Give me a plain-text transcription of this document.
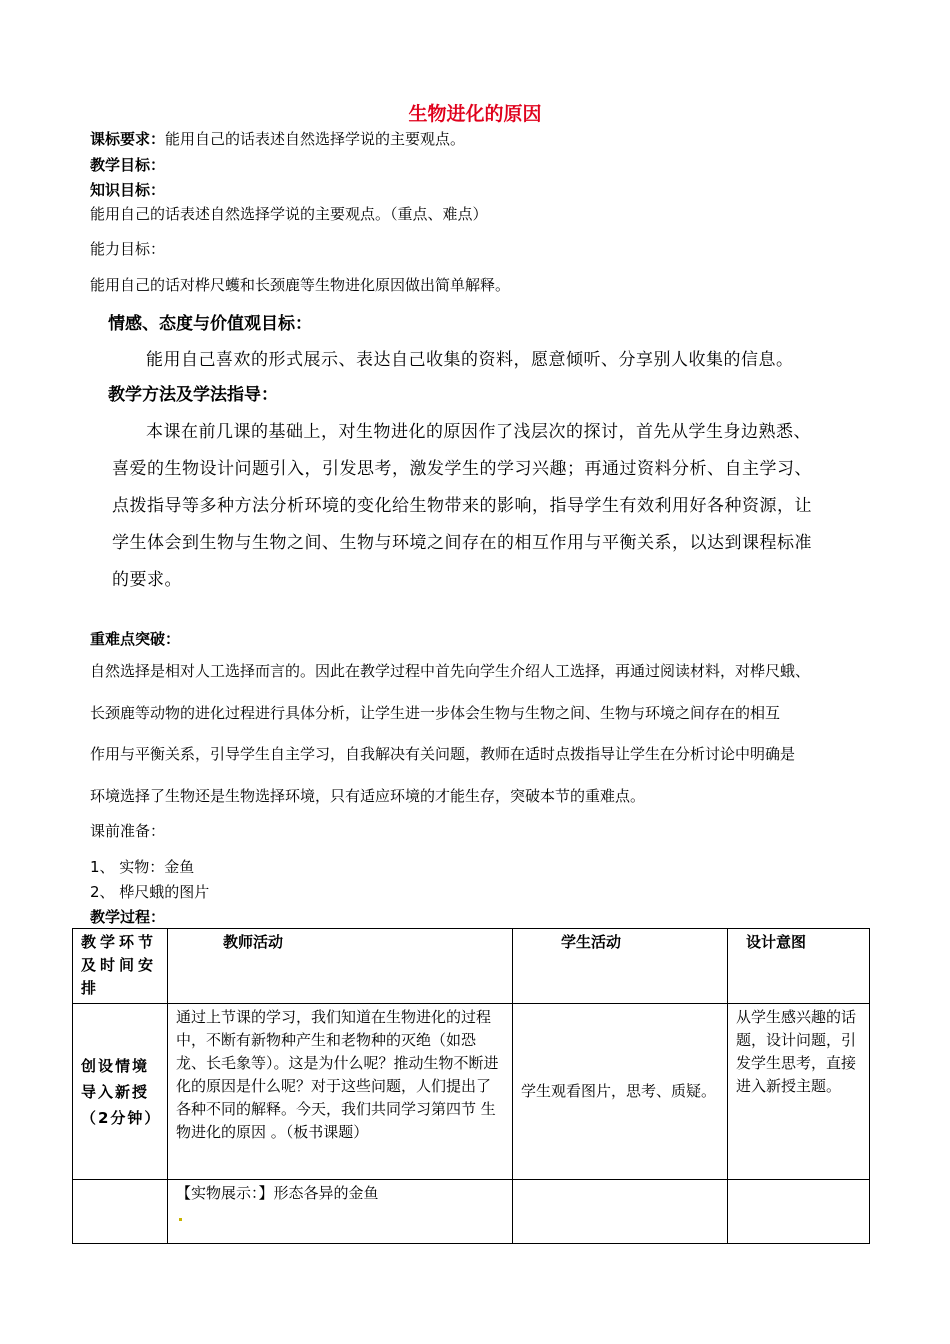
生物进化的原因
课标要求：能用自己的话表述自然选择学说的主要观点。
教学目标：
知识目标：
能用自己的话表述自然选择学说的主要观点。（重点、难点）
能力目标：
能用自己的话对桦尺蠖和长颈鹿等生物进化原因做出简单解释。
情感、态度与价值观目标：
能用自己喜欢的形式展示、表达自己收集的资料，愿意倾听、分享别人收集的信息。
教学方法及学法指导：
本课在前几课的基础上，对生物进化的原因作了浅层次的探讨，首先从学生身边熟悉、
喜爱的生物设计问题引入，引发思考，激发学生的学习兴趣；再通过资料分析、自主学习、
点拨指导等多种方法分析环境的变化给生物带来的影响，指导学生有效利用好各种资源，让
学生体会到生物与生物之间、生物与环境之间存在的相互作用与平衡关系，以达到课程标准
的要求。
重难点突破：
自然选择是相对人工选择而言的。因此在教学过程中首先向学生介绍人工选择，再通过阅读材料，对桦尺蛾、
长颈鹿等动物的进化过程进行具体分析，让学生进一步体会生物与生物之间、生物与环境之间存在的相互
作用与平衡关系，引导学生自主学习，自我解决有关问题，教师在适时点拨指导让学生在分析讨论中明确是
环境选择了生物还是生物选择环境，只有适应环境的才能生存，突破本节的重难点。
课前准备：
1、 实物：金鱼
2、 桦尺蛾的图片
教学过程：
教学环节及时间安排	教师活动	学生活动	设计意图
创设情境导入新授（2分钟）	通过上节课的学习，我们知道在生物进化的过程中，不断有新物种产生和老物种的灭绝（如恐龙、长毛象等）。这是为什么呢？推动生物不断进化的原因是什么呢？对于这些问题，人们提出了各种不同的解释。今天，我们共同学习第四节 生物进化的原因 。（板书课题）	学生观看图片，思考、质疑。	从学生感兴趣的话题，设计问题，引发学生思考，直接进入新授主题。
	【实物展示：】形态各异的金鱼
